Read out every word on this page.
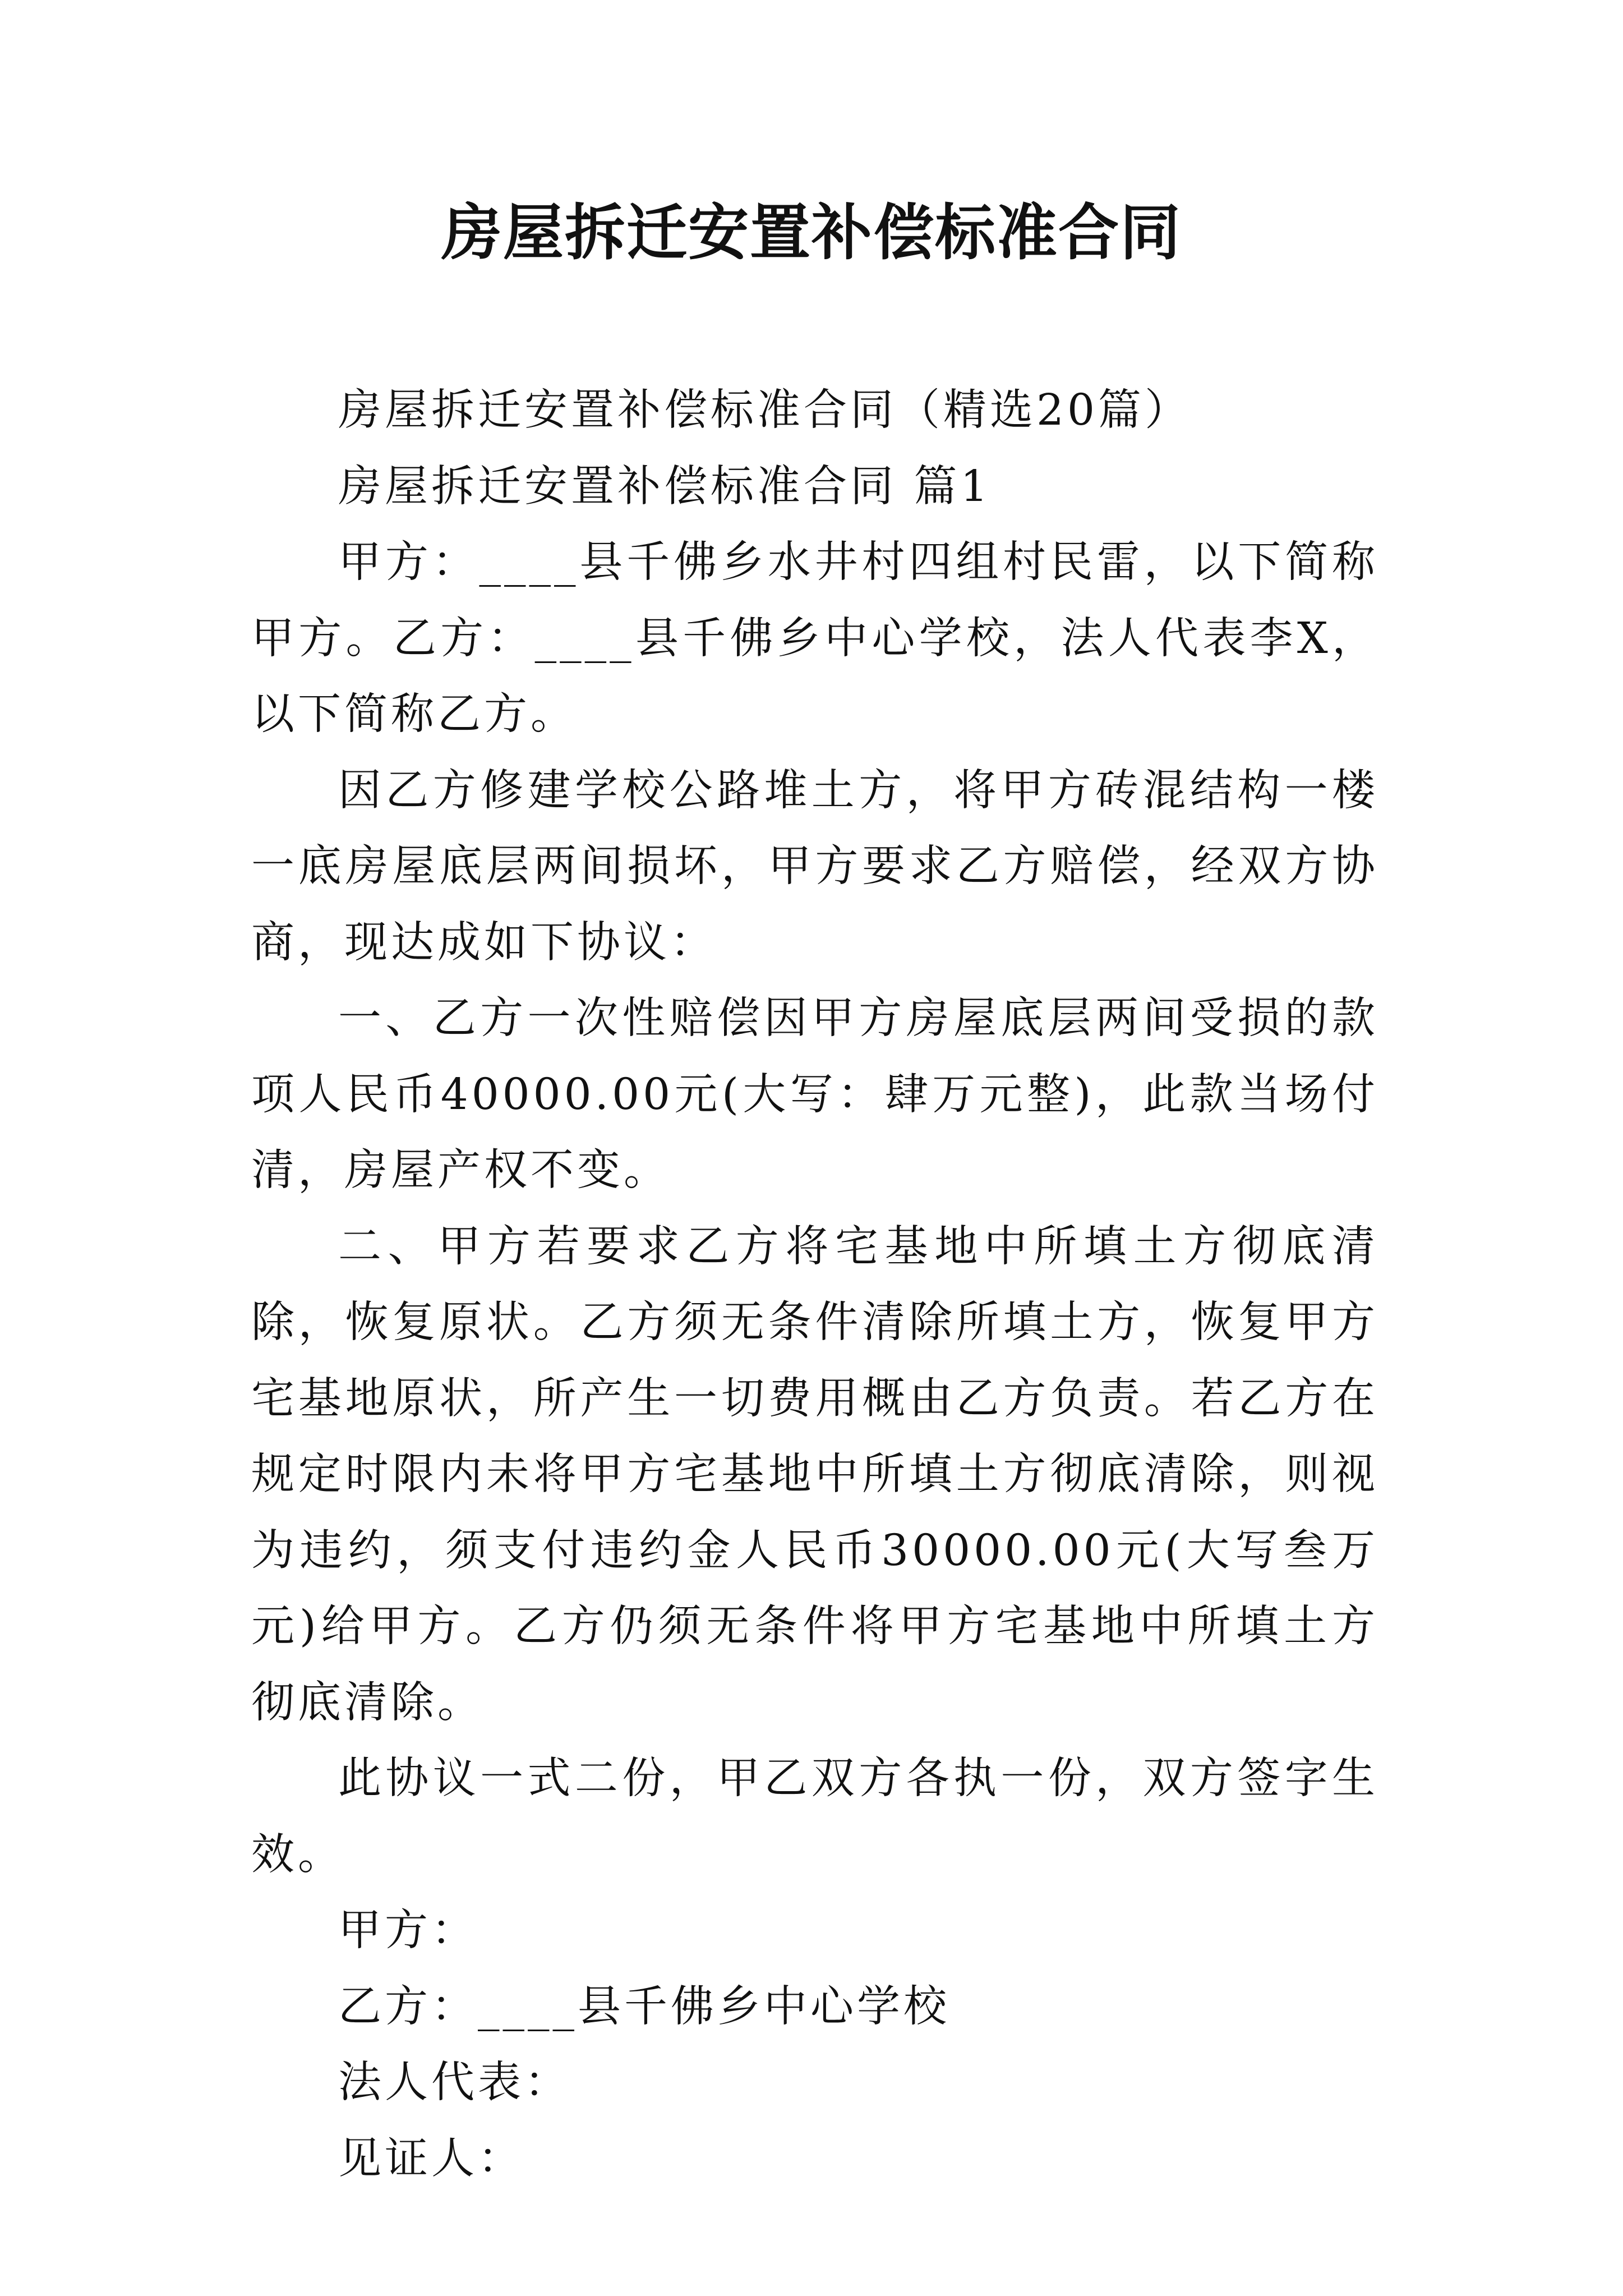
房屋拆迁安置补偿标准合同

房屋拆迁安置补偿标准合同（精选20篇）

房屋拆迁安置补偿标准合同 篇1

甲方：____县千佛乡水井村四组村民雷，以下简称甲方。乙方：____县千佛乡中心学校，法人代表李X，以下简称乙方。

因乙方修建学校公路堆土方，将甲方砖混结构一楼一底房屋底层两间损坏，甲方要求乙方赔偿，经双方协商，现达成如下协议：

一、乙方一次性赔偿因甲方房屋底层两间受损的款项人民币40000.00元(大写：肆万元整)，此款当场付清，房屋产权不变。

二、甲方若要求乙方将宅基地中所填土方彻底清除，恢复原状。乙方须无条件清除所填土方，恢复甲方宅基地原状，所产生一切费用概由乙方负责。若乙方在规定时限内未将甲方宅基地中所填土方彻底清除，则视为违约，须支付违约金人民币30000.00元(大写叁万元)给甲方。乙方仍须无条件将甲方宅基地中所填土方彻底清除。

此协议一式二份，甲乙双方各执一份，双方签字生效。

甲方：

乙方：____县千佛乡中心学校

法人代表：

见证人：
